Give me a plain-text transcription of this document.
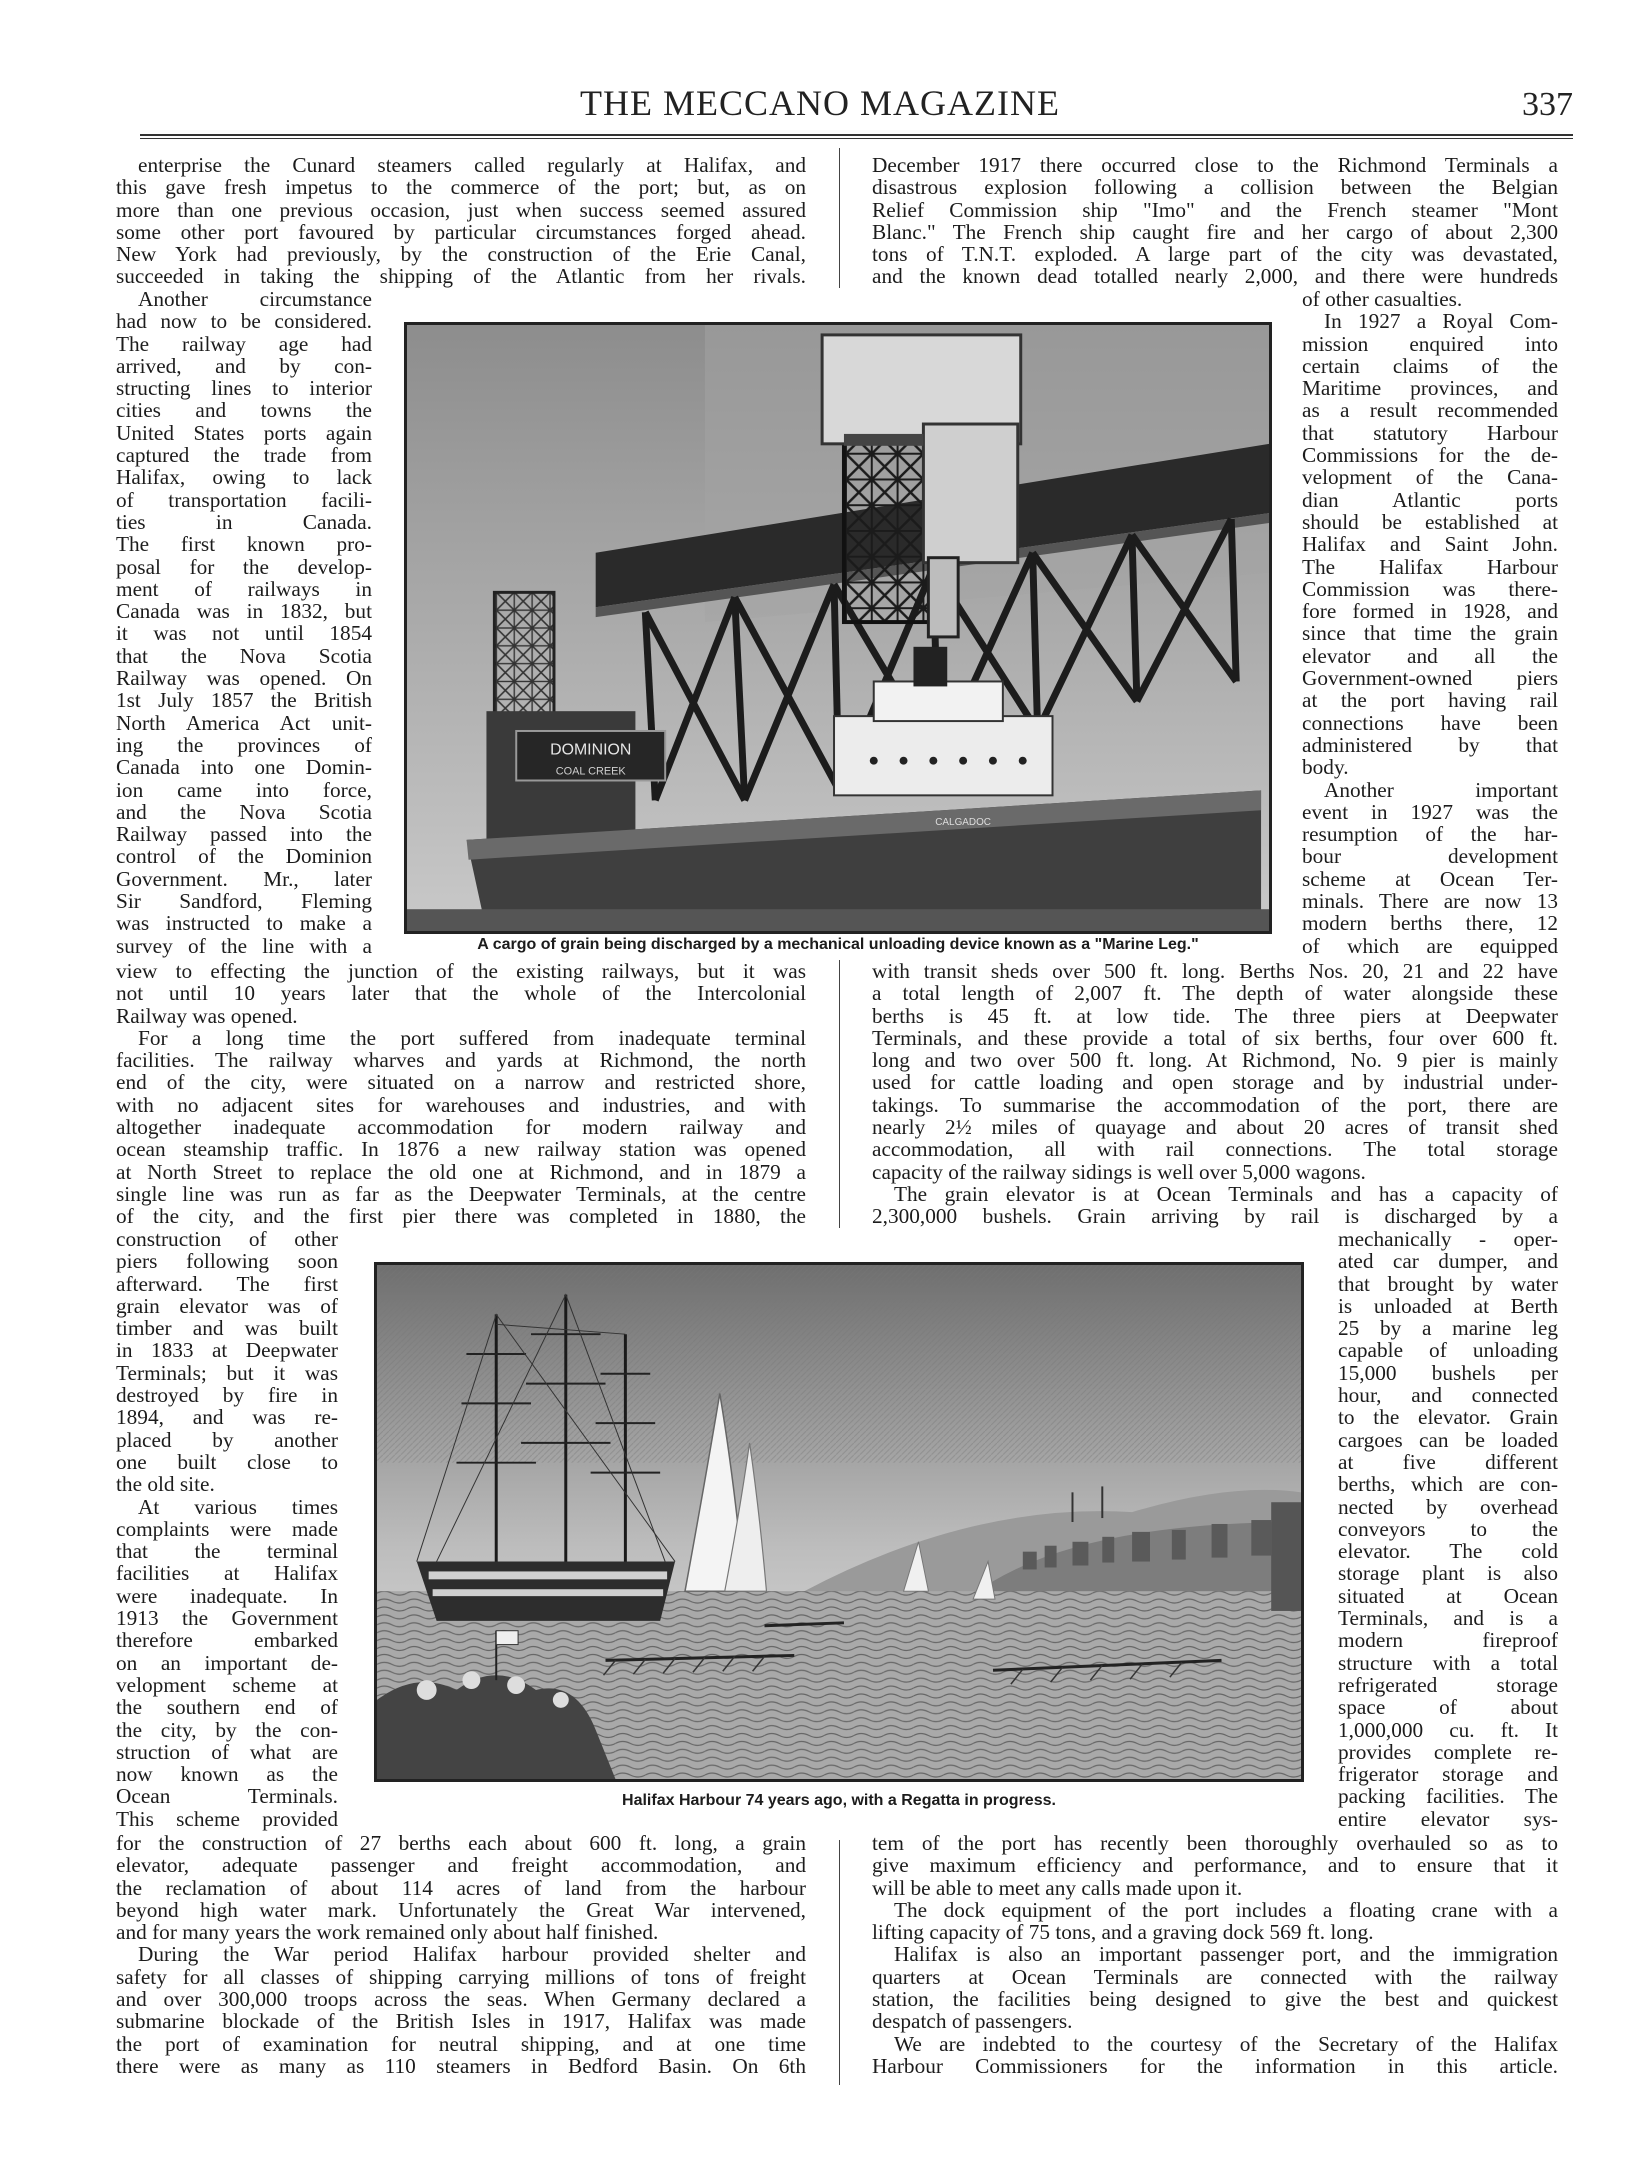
THE MECCANO MAGAZINE	337
enterprise the Cunard steamers called regularly at Halifax, and
this gave fresh impetus to the commerce of the port; but, as on
more than one previous occasion, just when success seemed assured
some other port favoured by particular circumstances forged ahead.
New York had previously, by the construction of the Erie Canal,
succeeded in taking the shipping of the Atlantic from her rivals.
Another circumstance
had now to be considered.
The railway age had
arrived, and by con-
structing lines to interior
cities and towns the
United States ports again
captured the trade from
Halifax, owing to lack
of transportation facili-
ties in Canada.
The first known pro-
posal for the develop-
ment of railways in
Canada was in 1832, but
it was not until 1854
that the Nova Scotia
Railway was opened. On
1st July 1857 the British
North America Act unit-
ing the provinces of
Canada into one Domin-
ion came into force,
and the Nova Scotia
Railway passed into the
control of the Dominion
Government. Mr., later
Sir Sandford, Fleming
was instructed to make a
survey of the line with a
view to effecting the junction of the existing railways, but it was
not until 10 years later that the whole of the Intercolonial
Railway was opened.
For a long time the port suffered from inadequate terminal
facilities. The railway wharves and yards at Richmond, the north
end of the city, were situated on a narrow and restricted shore,
with no adjacent sites for warehouses and industries, and with
altogether inadequate accommodation for modern railway and
ocean steamship traffic. In 1876 a new railway station was opened
at North Street to replace the old one at Richmond, and in 1879 a
single line was run as far as the Deepwater Terminals, at the centre
of the city, and the first pier there was completed in 1880, the
construction of other
piers following soon
afterward. The first
grain elevator was of
timber and was built
in 1833 at Deepwater
Terminals; but it was
destroyed by fire in
1894, and was re-
placed by another
one built close to
the old site.
At various times
complaints were made
that the terminal
facilities at Halifax
were inadequate. In
1913 the Government
therefore embarked
on an important de-
velopment scheme at
the southern end of
the city, by the con-
struction of what are
now known as the
Ocean Terminals.
This scheme provided
for the construction of 27 berths each about 600 ft. long, a grain
elevator, adequate passenger and freight accommodation, and
the reclamation of about 114 acres of land from the harbour
beyond high water mark. Unfortunately the Great War intervened,
and for many years the work remained only about half finished.
During the War period Halifax harbour provided shelter and
safety for all classes of shipping carrying millions of tons of freight
and over 300,000 troops across the seas. When Germany declared a
submarine blockade of the British Isles in 1917, Halifax was made
the port of examination for neutral shipping, and at one time
there were as many as 110 steamers in Bedford Basin. On 6th
December 1917 there occurred close to the Richmond Terminals a
disastrous explosion following a collision between the Belgian
Relief Commission ship "Imo" and the French steamer "Mont
Blanc." The French ship caught fire and her cargo of about 2,300
tons of T.N.T. exploded. A large part of the city was devastated,
and the known dead totalled nearly 2,000, and there were hundreds
of other casualties.
In 1927 a Royal Com-
mission enquired into
certain claims of the
Maritime provinces, and
as a result recommended
that statutory Harbour
Commissions for the de-
velopment of the Cana-
dian Atlantic ports
should be established at
Halifax and Saint John.
The Halifax Harbour
Commission was there-
fore formed in 1928, and
since that time the grain
elevator and all the
Government-owned piers
at the port having rail
connections have been
administered by that
body.
Another important
event in 1927 was the
resumption of the har-
bour development
scheme at Ocean Ter-
minals. There are now 13
modern berths there, 12
of which are equipped
with transit sheds over 500 ft. long. Berths Nos. 20, 21 and 22 have
a total length of 2,007 ft. The depth of water alongside these
berths is 45 ft. at low tide. The three piers at Deepwater
Terminals, and these provide a total of six berths, four over 600 ft.
long and two over 500 ft. long. At Richmond, No. 9 pier is mainly
used for cattle loading and open storage and by industrial under-
takings. To summarise the accommodation of the port, there are
nearly 2½ miles of quayage and about 20 acres of transit shed
accommodation, all with rail connections. The total storage
capacity of the railway sidings is well over 5,000 wagons.
The grain elevator is at Ocean Terminals and has a capacity of
2,300,000 bushels. Grain arriving by rail is discharged by a
mechanically - oper-
ated car dumper, and
that brought by water
is unloaded at Berth
25 by a marine leg
capable of unloading
15,000 bushels per
hour, and connected
to the elevator. Grain
cargoes can be loaded
at five different
berths, which are con-
nected by overhead
conveyors to the
elevator. The cold
storage plant is also
situated at Ocean
Terminals, and is a
modern fireproof
structure with a total
refrigerated storage
space of about
1,000,000 cu. ft. It
provides complete re-
frigerator storage and
packing facilities. The
entire elevator sys-
tem of the port has recently been thoroughly overhauled so as to
give maximum efficiency and performance, and to ensure that it
will be able to meet any calls made upon it.
The dock equipment of the port includes a floating crane with a
lifting capacity of 75 tons, and a graving dock 569 ft. long.
Halifax is also an important passenger port, and the immigration
quarters at Ocean Terminals are connected with the railway
station, the facilities being designed to give the best and quickest
despatch of passengers.
We are indebted to the courtesy of the Secretary of the Halifax
Harbour Commissioners for the information in this article.
DOMINION
COAL CREEK
CALGADOC
A cargo of grain being discharged by a mechanical unloading device known as a "Marine Leg."
Halifax Harbour 74 years ago, with a Regatta in progress.
